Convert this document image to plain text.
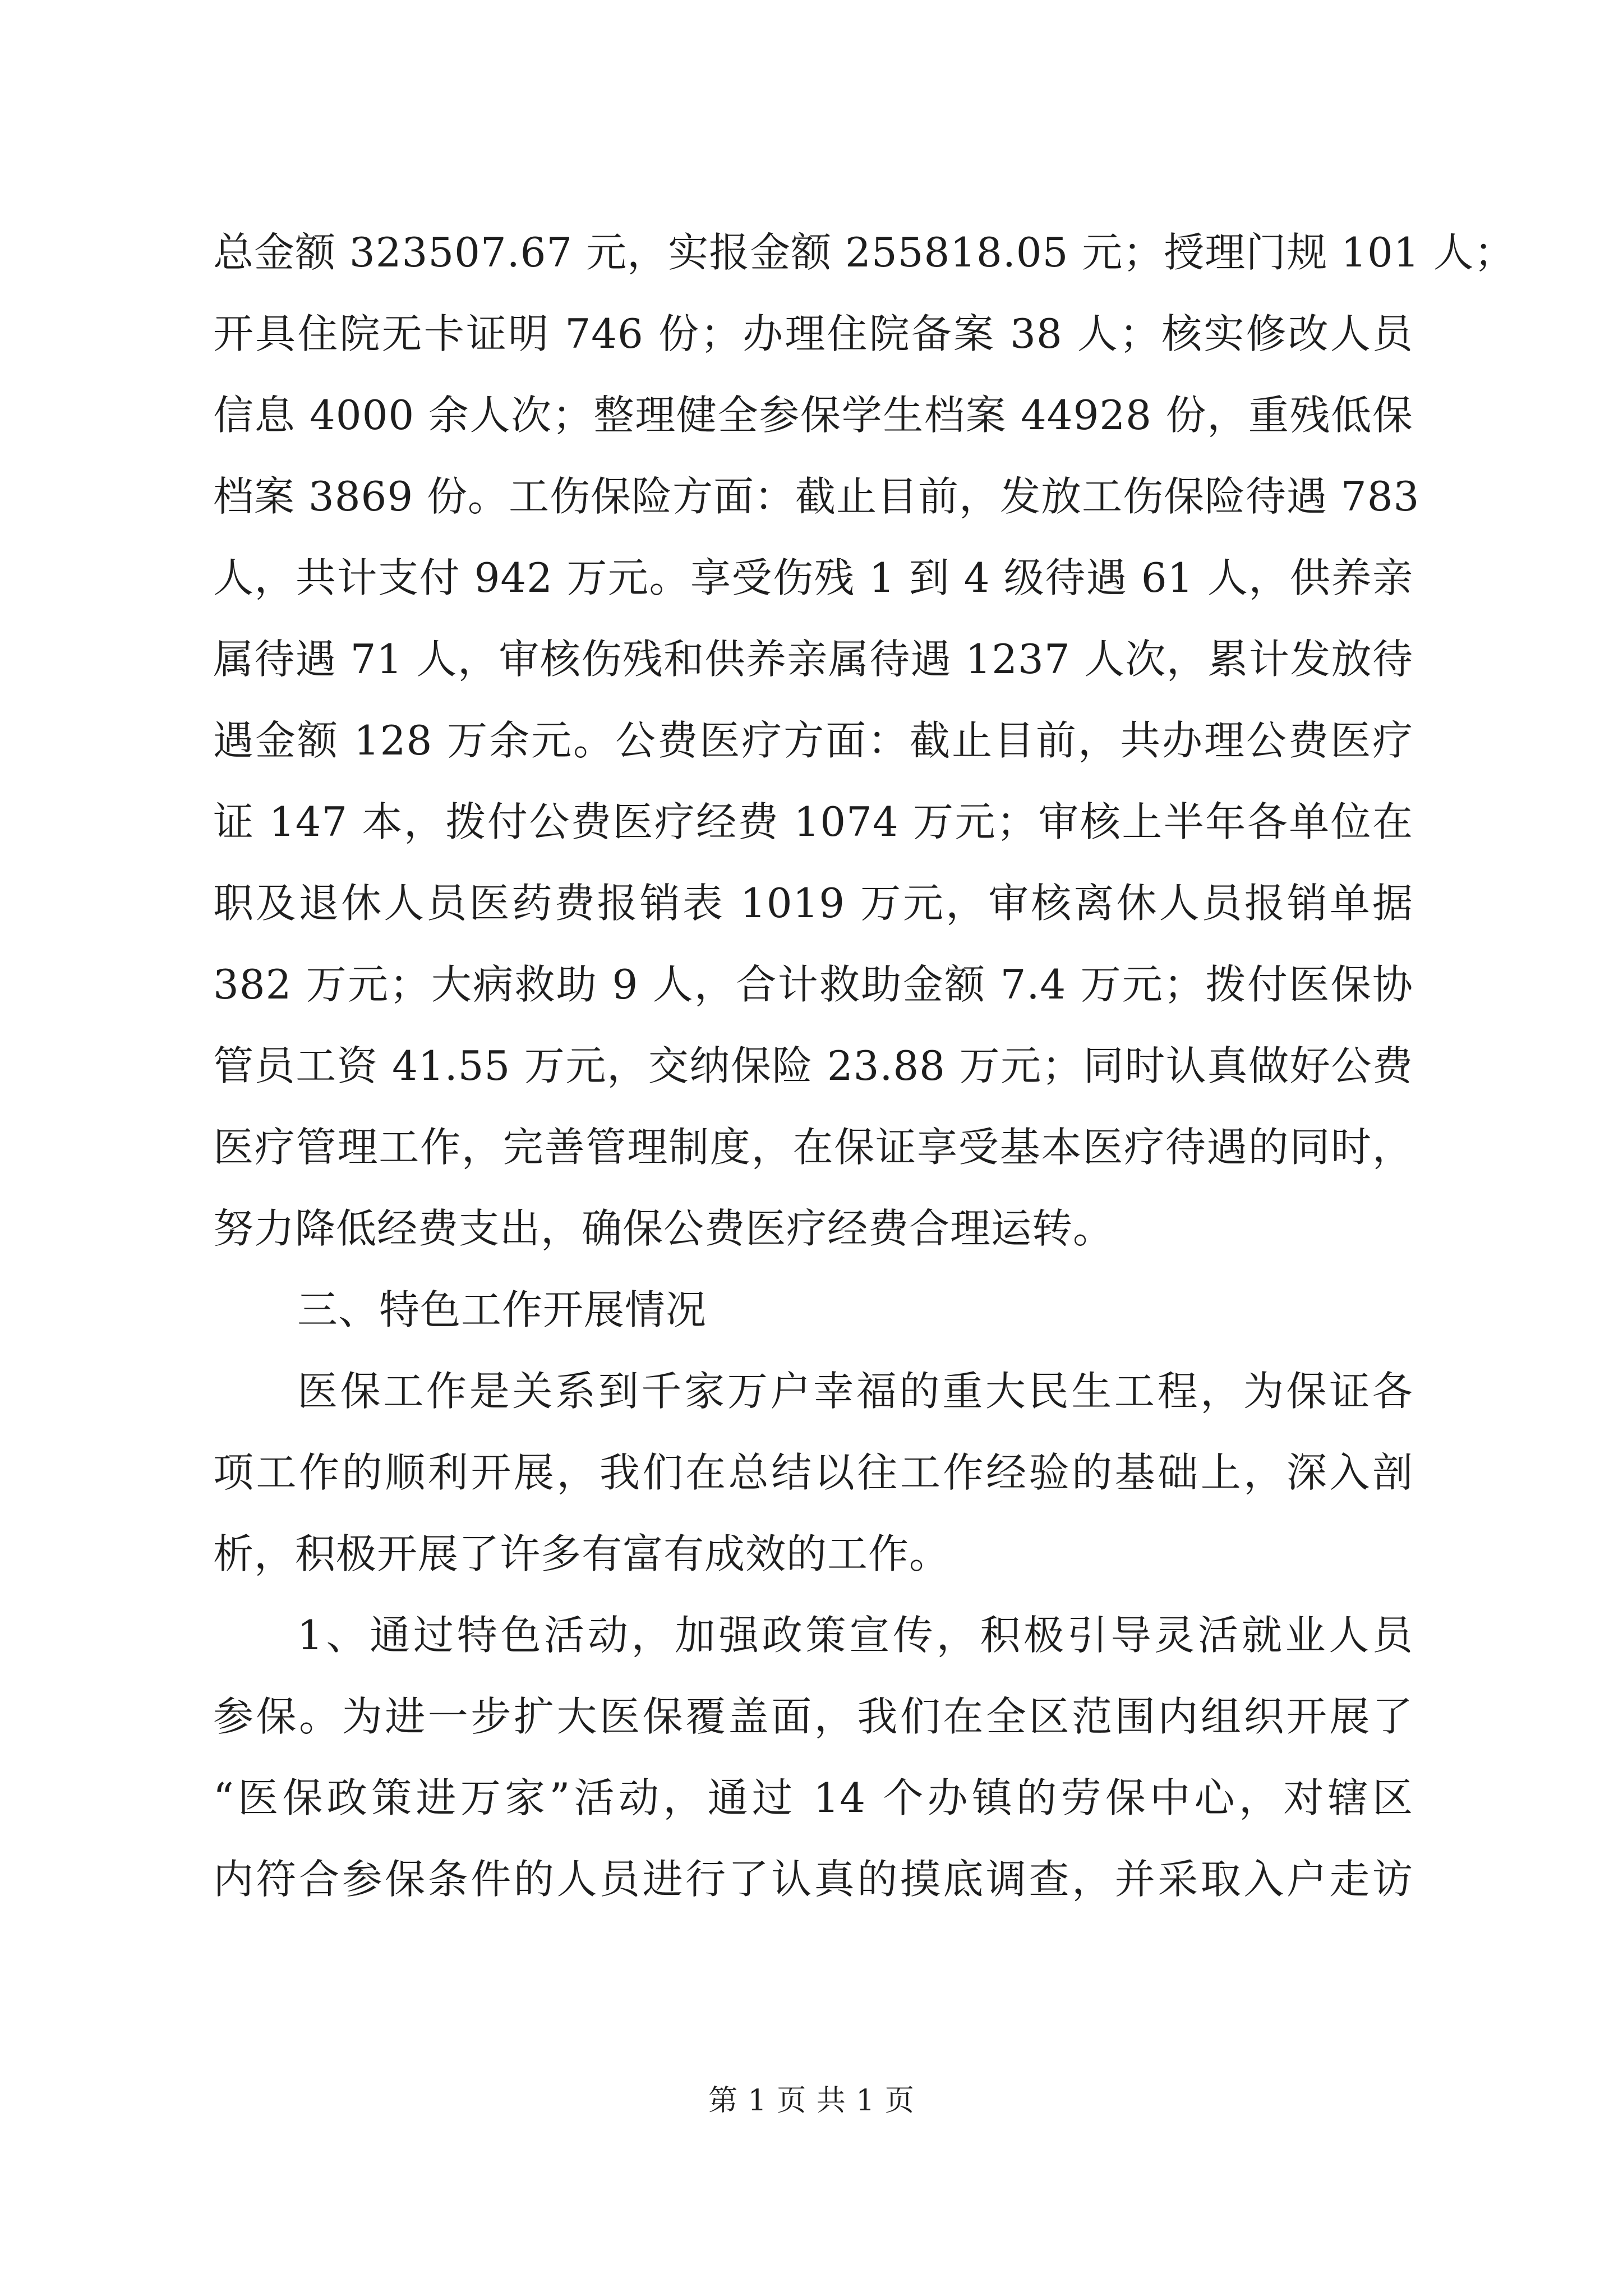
总金额 323507.67 元，实报金额 255818.05 元；授理门规 101 人；
开具住院无卡证明 746 份；办理住院备案 38 人；核实修改人员
信息 4000 余人次；整理健全参保学生档案 44928 份，重残低保
档案 3869 份。工伤保险方面：截止目前，发放工伤保险待遇 783
人，共计支付 942 万元。享受伤残 1 到 4 级待遇 61 人，供养亲
属待遇 71 人，审核伤残和供养亲属待遇 1237 人次，累计发放待
遇金额 128 万余元。公费医疗方面：截止目前，共办理公费医疗
证 147 本，拨付公费医疗经费 1074 万元；审核上半年各单位在
职及退休人员医药费报销表 1019 万元，审核离休人员报销单据
382 万元；大病救助 9 人，合计救助金额 7.4 万元；拨付医保协
管员工资 41.55 万元，交纳保险 23.88 万元；同时认真做好公费
医疗管理工作，完善管理制度，在保证享受基本医疗待遇的同时，
努力降低经费支出，确保公费医疗经费合理运转。
三、特色工作开展情况
医保工作是关系到千家万户幸福的重大民生工程，为保证各
项工作的顺利开展，我们在总结以往工作经验的基础上，深入剖
析，积极开展了许多有富有成效的工作。
1、通过特色活动，加强政策宣传，积极引导灵活就业人员
参保。为进一步扩大医保覆盖面，我们在全区范围内组织开展了
“医保政策进万家”活动，通过 14 个办镇的劳保中心，对辖区
内符合参保条件的人员进行了认真的摸底调查，并采取入户走访
第 1 页 共 1 页
